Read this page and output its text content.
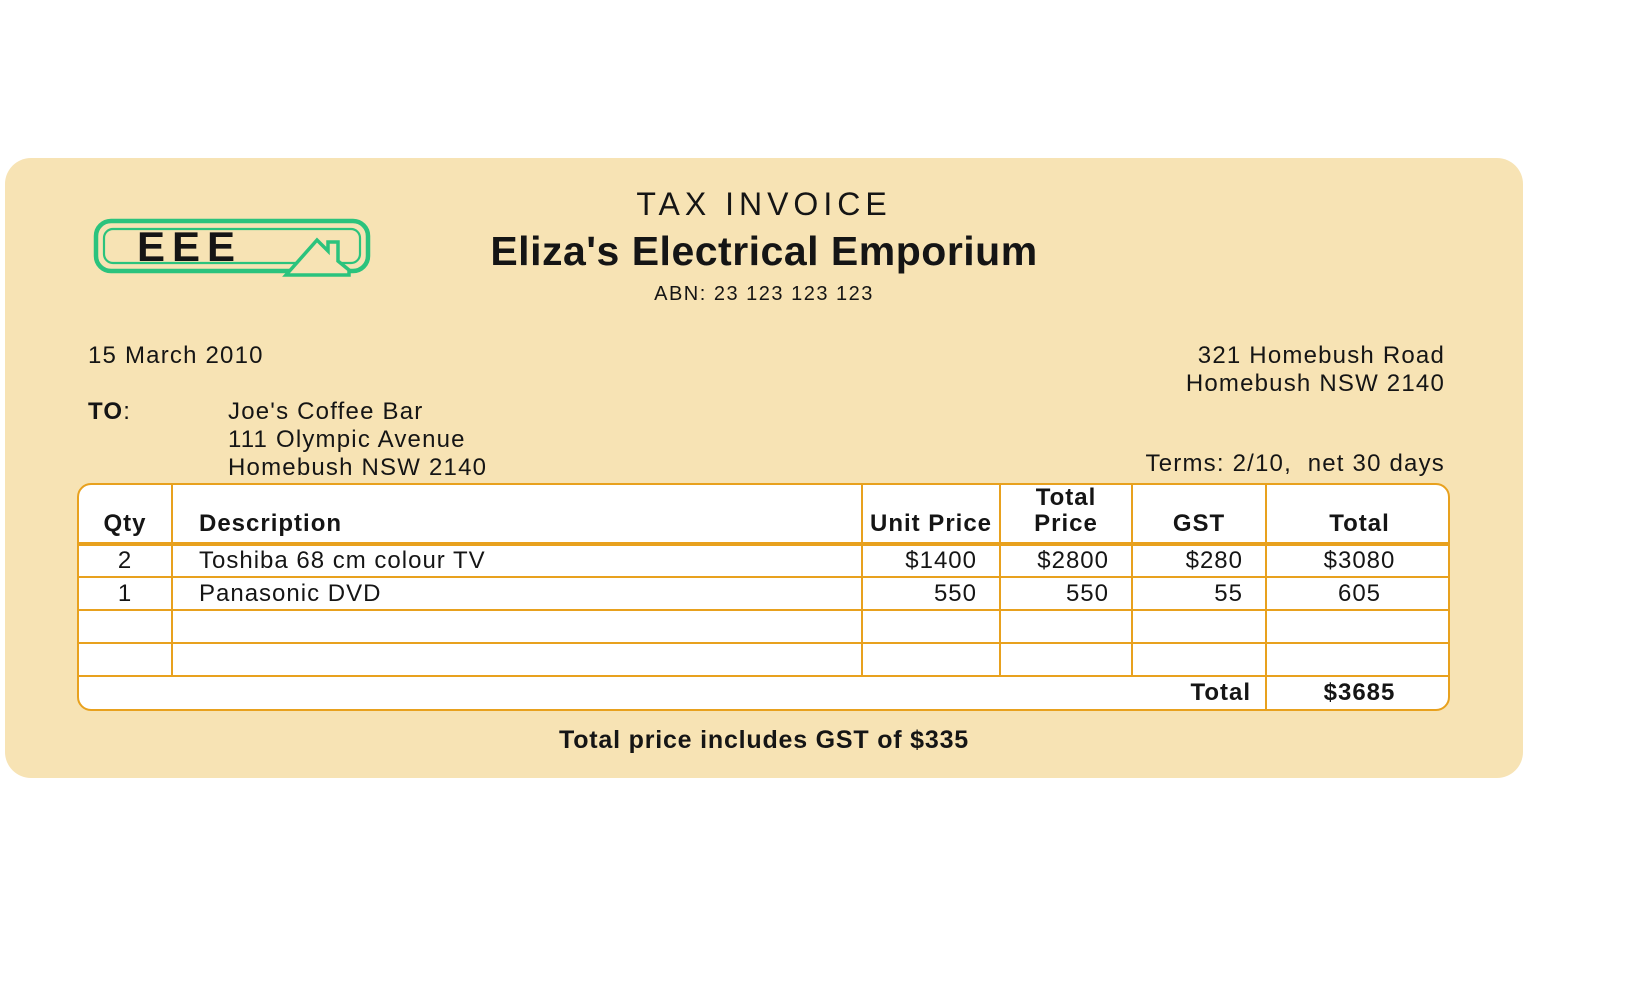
EEE
TAX INVOICE
Eliza's Electrical Emporium
ABN: 23 123 123 123
15 March 2010	321 Homebush Road
Homebush NSW 2140
TO:	Joe's Coffee Bar
111 Olympic Avenue
Homebush NSW 2140	Terms: 2/10,  net 30 days
Qty	Description	Unit Price	Total Price	GST	Total
2	Toshiba 68 cm colour TV	$1400	$2800	$280	$3080
1	Panasonic DVD	550	550	55	605

				Total	$3685
Total price includes GST of $335
